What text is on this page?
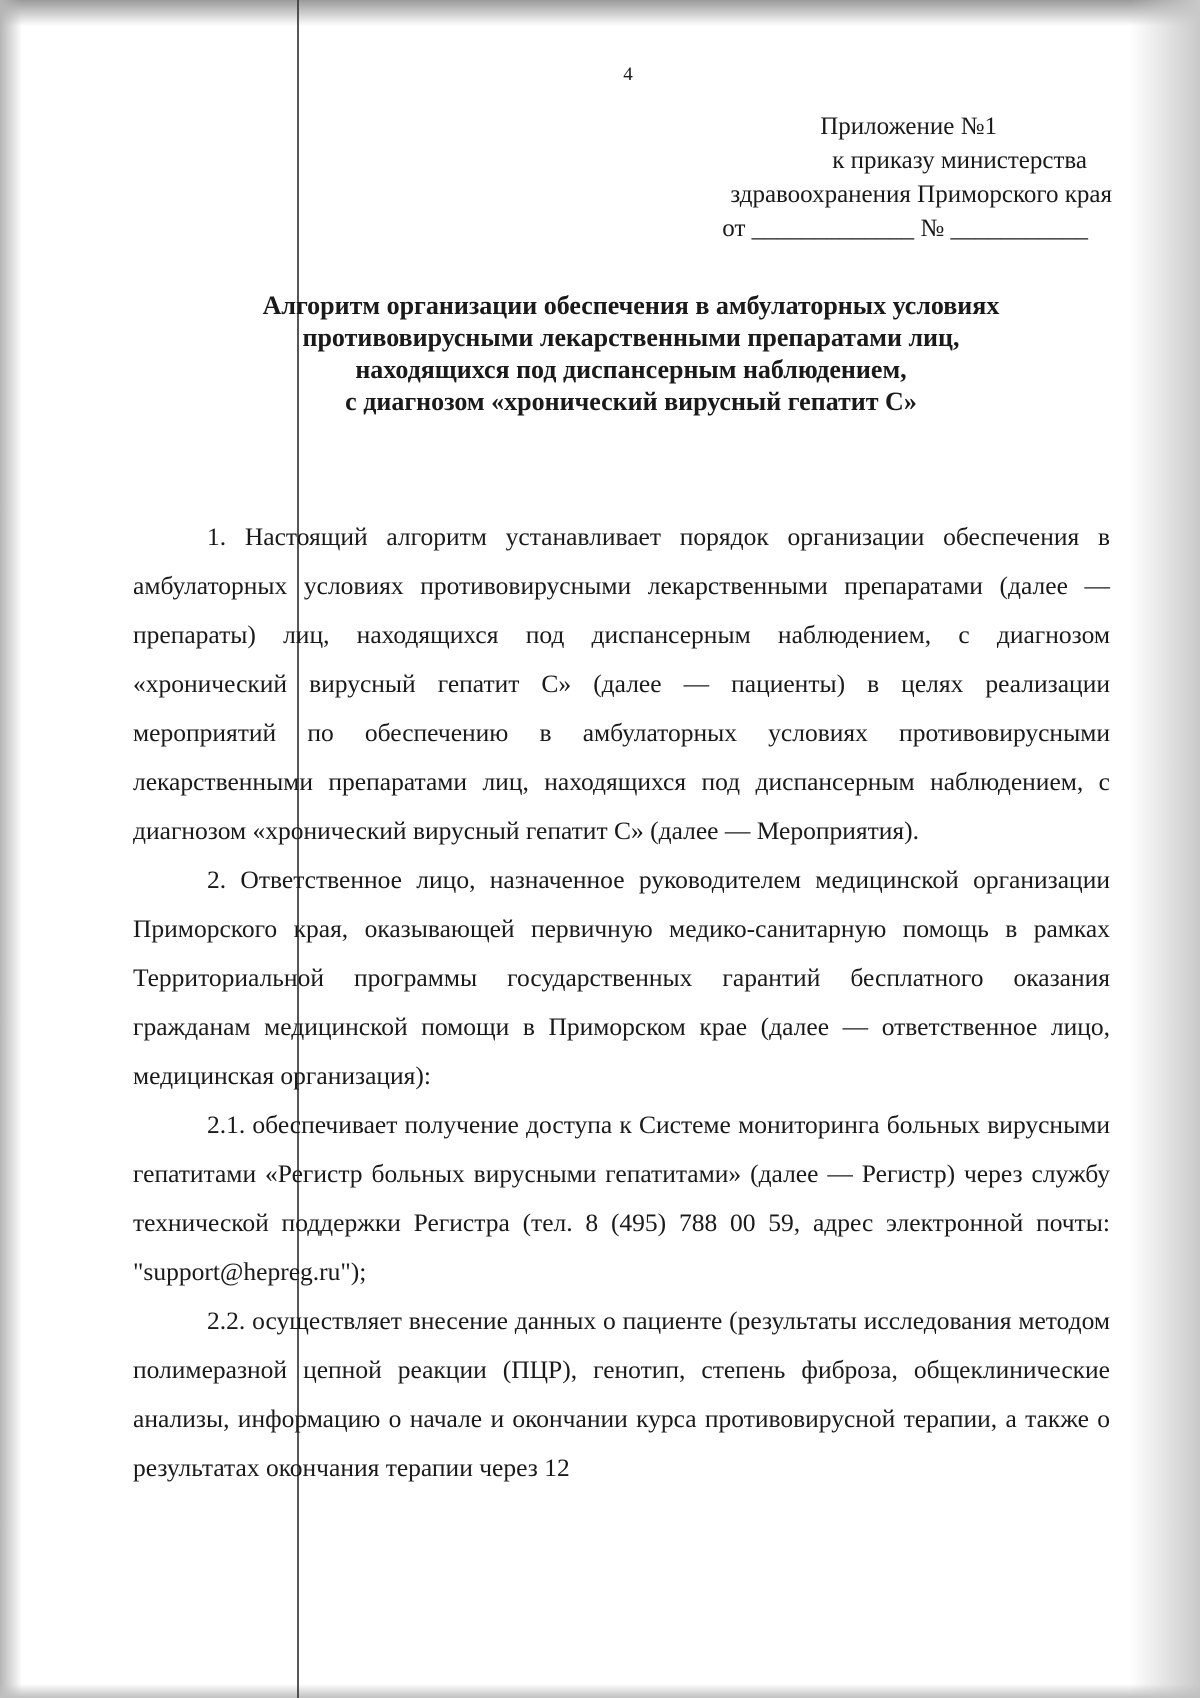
4
Приложение №1
к приказу министерства
здравоохранения Приморского края
от _____________ № ___________
Алгоритм организации обеспечения в амбулаторных условиях
противовирусными лекарственными препаратами лиц,
находящихся под диспансерным наблюдением,
с диагнозом «хронический вирусный гепатит С»

1. Настоящий алгоритм устанавливает порядок организации обеспечения в амбулаторных условиях противовирусными лекарственными препаратами (далее — препараты) лиц, находящихся под диспансерным наблюдением, с диагнозом «хронический вирусный гепатит С» (далее — пациенты) в целях реализации мероприятий по обеспечению в амбулаторных условиях противовирусными лекарственными препаратами лиц, находящихся под диспансерным наблюдением, с диагнозом «хронический вирусный гепатит С» (далее — Мероприятия).

2. Ответственное лицо, назначенное руководителем медицинской организации Приморского края, оказывающей первичную медико-санитарную помощь в рамках Территориальной программы государственных гарантий бесплатного оказания гражданам медицинской помощи в Приморском крае (далее — ответственное лицо, медицинская организация):

2.1. обеспечивает получение доступа к Системе мониторинга больных вирусными гепатитами «Регистр больных вирусными гепатитами» (далее — Регистр) через службу технической поддержки Регистра (тел. 8 (495) 788 00 59, адрес электронной почты: "support@hepreg.ru");

2.2. осуществляет внесение данных о пациенте (результаты исследования методом полимеразной цепной реакции (ПЦР), генотип, степень фиброза, общеклинические анализы, информацию о начале и окончании курса противовирусной терапии, а также о результатах окончания терапии через 12
